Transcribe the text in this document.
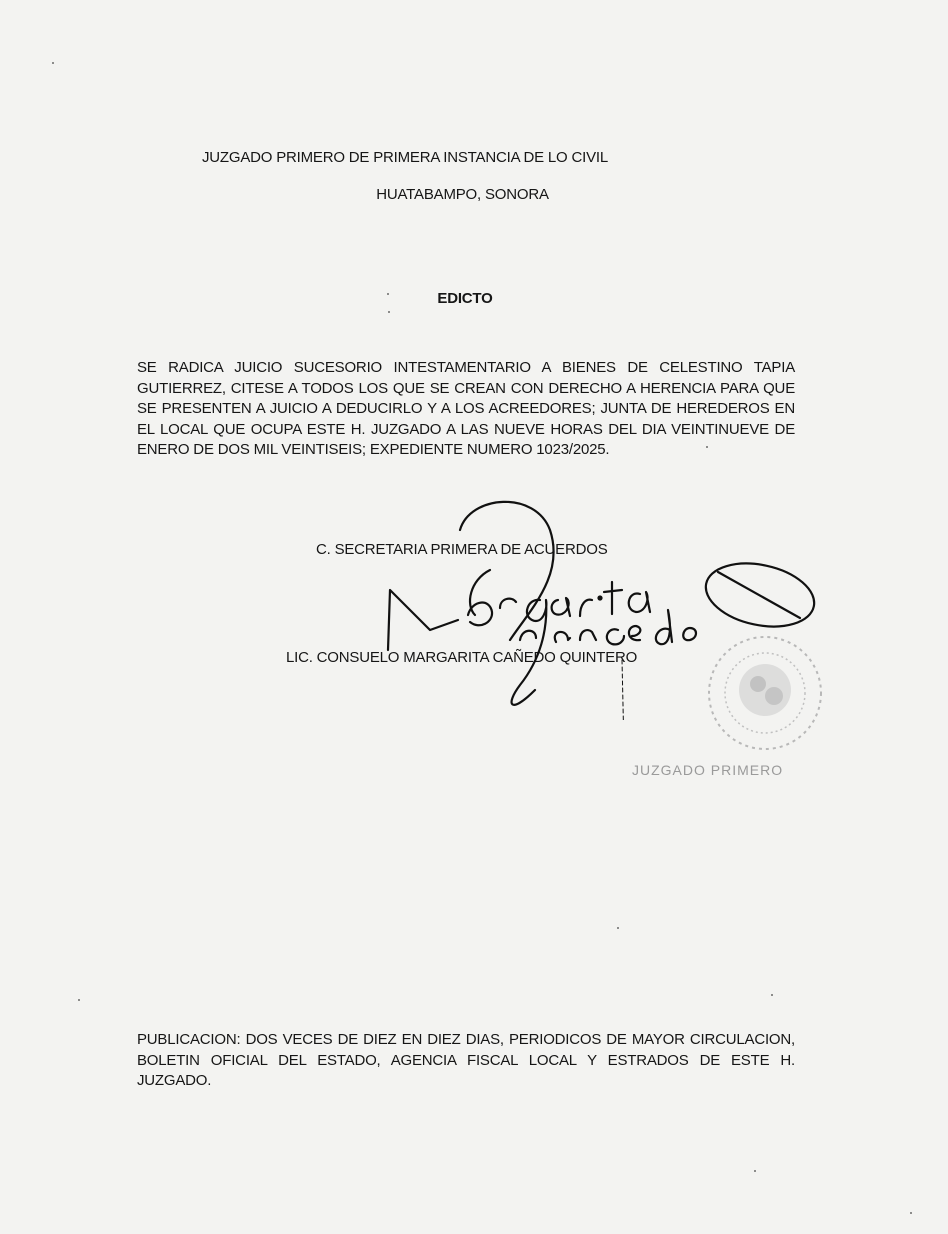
JUZGADO PRIMERO DE PRIMERA INSTANCIA DE LO CIVIL
HUATABAMPO, SONORA
EDICTO
SE RADICA JUICIO SUCESORIO INTESTAMENTARIO A BIENES DE CELESTINO TAPIA GUTIERREZ, CITESE A TODOS LOS QUE SE CREAN CON DERECHO A HERENCIA PARA QUE SE PRESENTEN A JUICIO A DEDUCIRLO Y A LOS ACREEDORES; JUNTA DE HEREDEROS EN EL LOCAL QUE OCUPA ESTE H. JUZGADO A LAS NUEVE HORAS DEL DIA VEINTINUEVE DE ENERO DE DOS MIL VEINTISEIS; EXPEDIENTE NUMERO 1023/2025.
C. SECRETARIA PRIMERA DE ACUERDOS
LIC. CONSUELO MARGARITA CAÑEDO QUINTERO
JUZGADO PRIMERO
PUBLICACION: DOS VECES DE DIEZ EN DIEZ DIAS, PERIODICOS DE MAYOR CIRCULACION, BOLETIN OFICIAL DEL ESTADO, AGENCIA FISCAL LOCAL Y ESTRADOS DE ESTE H. JUZGADO.
